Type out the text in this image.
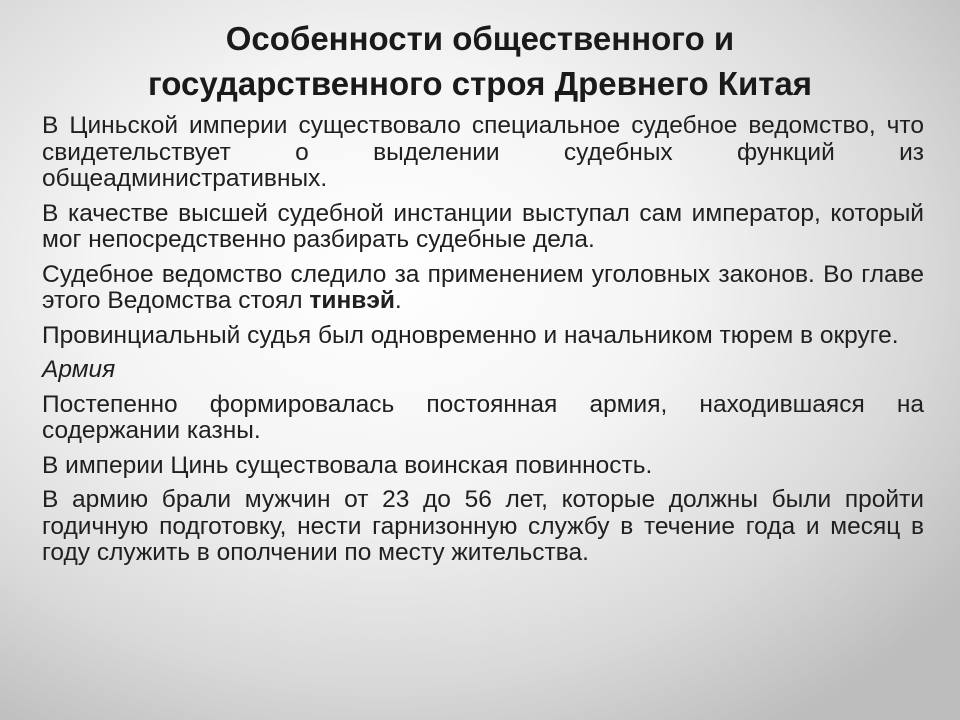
Особенности общественного и
государственного строя Древнего Китая

В Циньской империи существовало специальное судебное ведомство, что свидетельствует о выделении судебных функций из общеадминистративных.

В качестве высшей судебной инстанции выступал сам император, который мог непосредственно разбирать судебные дела.

Судебное ведомство следило за применением уголовных законов. Во главе этого Ведомства стоял тинвэй.

Провинциальный судья был одновременно и начальником тюрем в округе.

Армия

Постепенно формировалась постоянная армия, находившаяся на содержании казны.

В империи Цинь существовала воинская повинность.

В армию брали мужчин от 23 до 56 лет, которые должны были пройти годичную подготовку, нести гарнизонную службу в течение года и месяц в году служить в ополчении по месту жительства.
